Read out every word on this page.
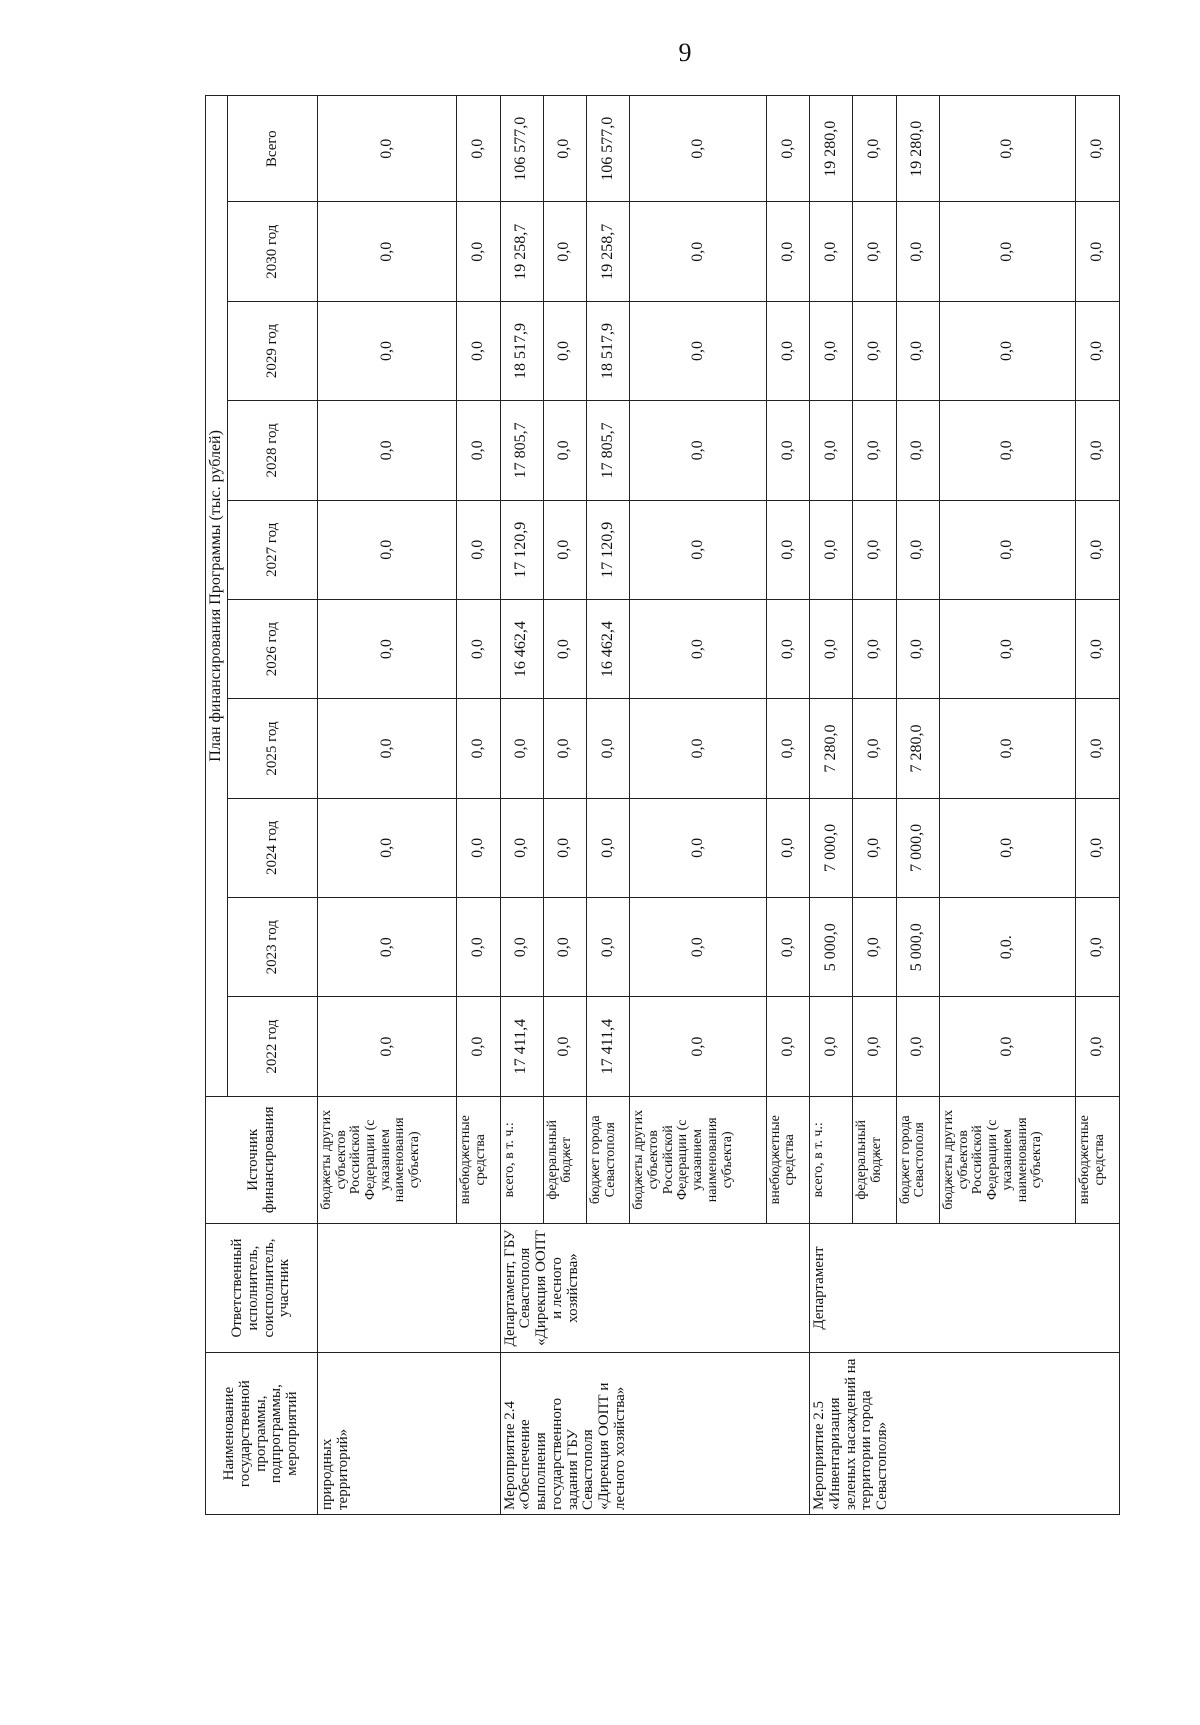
9
Наименование государственной программы, подпрограммы, мероприятий	Ответственный исполнитель, соисполнитель, участник	Источник финансирования	План финансирования Программы (тыс. рублей)									
			2022 год	2023 год	2024 год	2025 год	2026 год	2027 год	2028 год	2029 год	2030 год	Всего
природных территорий»		бюджеты других субъектов Российской Федерации (с указанием наименования субъекта)	0,0	0,0	0,0	0,0	0,0	0,0	0,0	0,0	0,0	0,0
		внебюджетные средства	0,0	0,0	0,0	0,0	0,0	0,0	0,0	0,0	0,0	0,0
Мероприятие 2.4 «Обеспечение выполнения государственного задания ГБУ Севастополя «Дирекция ООПТ и лесного хозяйства»	Департамент, ГБУ Севастополя «Дирекция ООПТ и лесного хозяйства»	всего, в т. ч.:	17 411,4	0,0	0,0	0,0	16 462,4	17 120,9	17 805,7	18 517,9	19 258,7	106 577,0
		федеральный бюджет	0,0	0,0	0,0	0,0	0,0	0,0	0,0	0,0	0,0	0,0
		бюджет города Севастополя	17 411,4	0,0	0,0	0,0	16 462,4	17 120,9	17 805,7	18 517,9	19 258,7	106 577,0
		бюджеты других субъектов Российской Федерации (с указанием наименования субъекта)	0,0	0,0	0,0	0,0	0,0	0,0	0,0	0,0	0,0	0,0
		внебюджетные средства	0,0	0,0	0,0	0,0	0,0	0,0	0,0	0,0	0,0	0,0
Мероприятие 2.5 «Инвентаризация зеленых насаждений на территории города Севастополя»	Департамент	всего, в т. ч.:	0,0	5 000,0	7 000,0	7 280,0	0,0	0,0	0,0	0,0	0,0	19 280,0
		федеральный бюджет	0,0	0,0	0,0	0,0	0,0	0,0	0,0	0,0	0,0	0,0
		бюджет города Севастополя	0,0	5 000,0	7 000,0	7 280,0	0,0	0,0	0,0	0,0	0,0	19 280,0
		бюджеты других субъектов Российской Федерации (с указанием наименования субъекта)	0,0	0,0.	0,0	0,0	0,0	0,0	0,0	0,0	0,0	0,0
		внебюджетные средства	0,0	0,0	0,0	0,0	0,0	0,0	0,0	0,0	0,0	0,0
